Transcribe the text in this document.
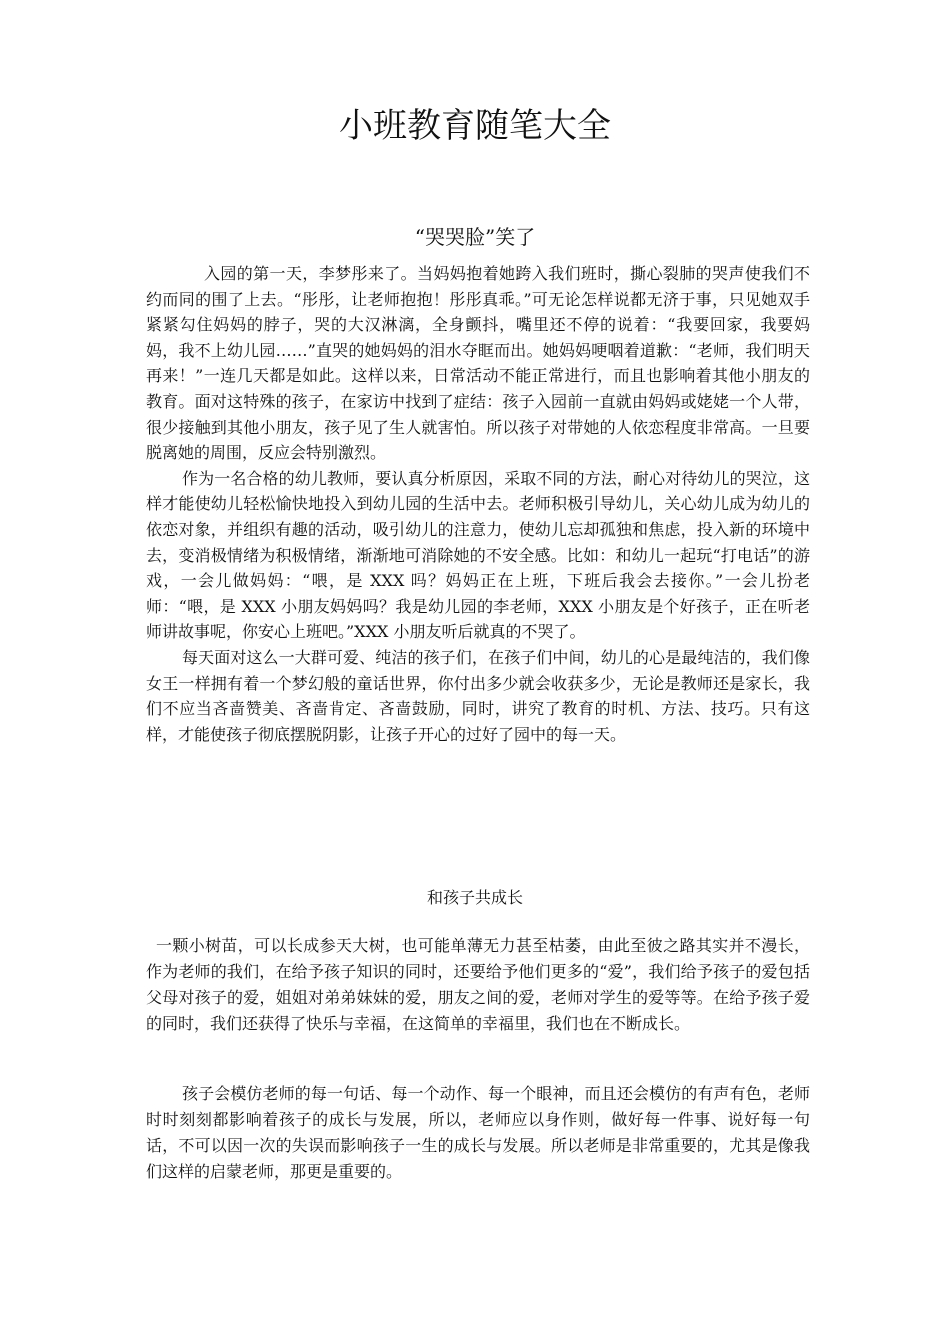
小班教育随笔大全
“哭哭脸”笑了

入园的第一天，李梦彤来了。当妈妈抱着她跨入我们班时，撕心裂肺的哭声使我们不约而同的围了上去。“彤彤，让老师抱抱！彤彤真乖。”可无论怎样说都无济于事，只见她双手紧紧勾住妈妈的脖子，哭的大汉淋漓，全身颤抖，嘴里还不停的说着：“我要回家，我要妈妈，我不上幼儿园……”直哭的她妈妈的泪水夺眶而出。她妈妈哽咽着道歉：“老师，我们明天再来！”一连几天都是如此。这样以来，日常活动不能正常进行，而且也影响着其他小朋友的教育。面对这特殊的孩子，在家访中找到了症结：孩子入园前一直就由妈妈或姥姥一个人带，很少接触到其他小朋友，孩子见了生人就害怕。所以孩子对带她的人依恋程度非常高。一旦要脱离她的周围，反应会特别激烈。

作为一名合格的幼儿教师，要认真分析原因，采取不同的方法，耐心对待幼儿的哭泣，这样才能使幼儿轻松愉快地投入到幼儿园的生活中去。老师积极引导幼儿，关心幼儿成为幼儿的依恋对象，并组织有趣的活动，吸引幼儿的注意力，使幼儿忘却孤独和焦虑，投入新的环境中去，变消极情绪为积极情绪，渐渐地可消除她的不安全感。比如：和幼儿一起玩“打电话”的游戏，一会儿做妈妈：“喂，是 XXX 吗？妈妈正在上班，下班后我会去接你。”一会儿扮老师：“喂，是 XXX 小朋友妈妈吗？我是幼儿园的李老师，XXX 小朋友是个好孩子，正在听老师讲故事呢，你安心上班吧。”XXX 小朋友听后就真的不哭了。

每天面对这么一大群可爱、纯洁的孩子们，在孩子们中间，幼儿的心是最纯洁的，我们像女王一样拥有着一个梦幻般的童话世界，你付出多少就会收获多少，无论是教师还是家长，我们不应当吝啬赞美、吝啬肯定、吝啬鼓励，同时，讲究了教育的时机、方法、技巧。只有这样，才能使孩子彻底摆脱阴影，让孩子开心的过好了园中的每一天。

和孩子共成长

一颗小树苗，可以长成参天大树，也可能单薄无力甚至枯萎，由此至彼之路其实并不漫长，作为老师的我们，在给予孩子知识的同时，还要给予他们更多的“爱”，我们给予孩子的爱包括父母对孩子的爱，姐姐对弟弟妹妹的爱，朋友之间的爱，老师对学生的爱等等。在给予孩子爱的同时，我们还获得了快乐与幸福，在这简单的幸福里，我们也在不断成长。

孩子会模仿老师的每一句话、每一个动作、每一个眼神，而且还会模仿的有声有色，老师时时刻刻都影响着孩子的成长与发展，所以，老师应以身作则，做好每一件事、说好每一句话，不可以因一次的失误而影响孩子一生的成长与发展。所以老师是非常重要的，尤其是像我们这样的启蒙老师，那更是重要的。
